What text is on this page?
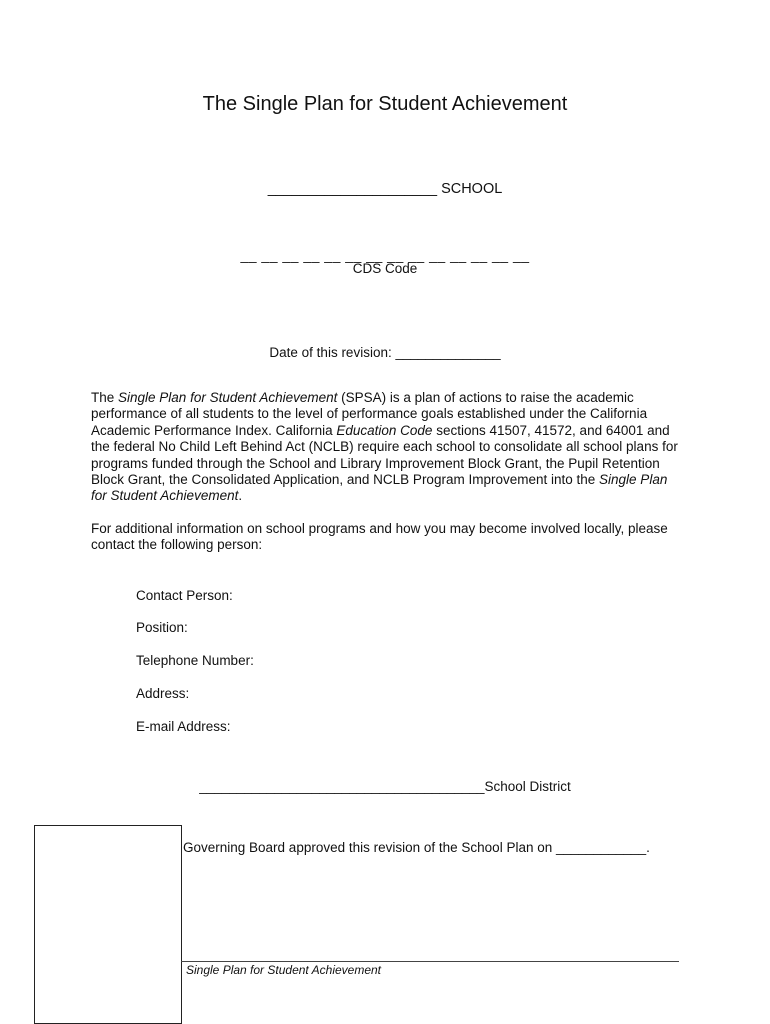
The Single Plan for Student Achievement
_____________________ SCHOOL
__ __ __ __ __ __ __ __ __ __ __ __ __ __
CDS Code
Date of this revision: ______________
The Single Plan for Student Achievement (SPSA) is a plan of actions to raise the academic performance of all students to the level of performance goals established under the California Academic Performance Index. California Education Code sections 41507, 41572, and 64001 and the federal No Child Left Behind Act (NCLB) require each school to consolidate all school plans for programs funded through the School and Library Improvement Block Grant, the Pupil Retention Block Grant, the Consolidated Application, and NCLB Program Improvement into the Single Plan for Student Achievement.
For additional information on school programs and how you may become involved locally, please contact the following person:
Contact Person:
Position:
Telephone Number:
Address:
E-mail Address:
______________________________________School District
Governing Board approved this revision of the School Plan on ____________.
Single Plan for Student Achievement
